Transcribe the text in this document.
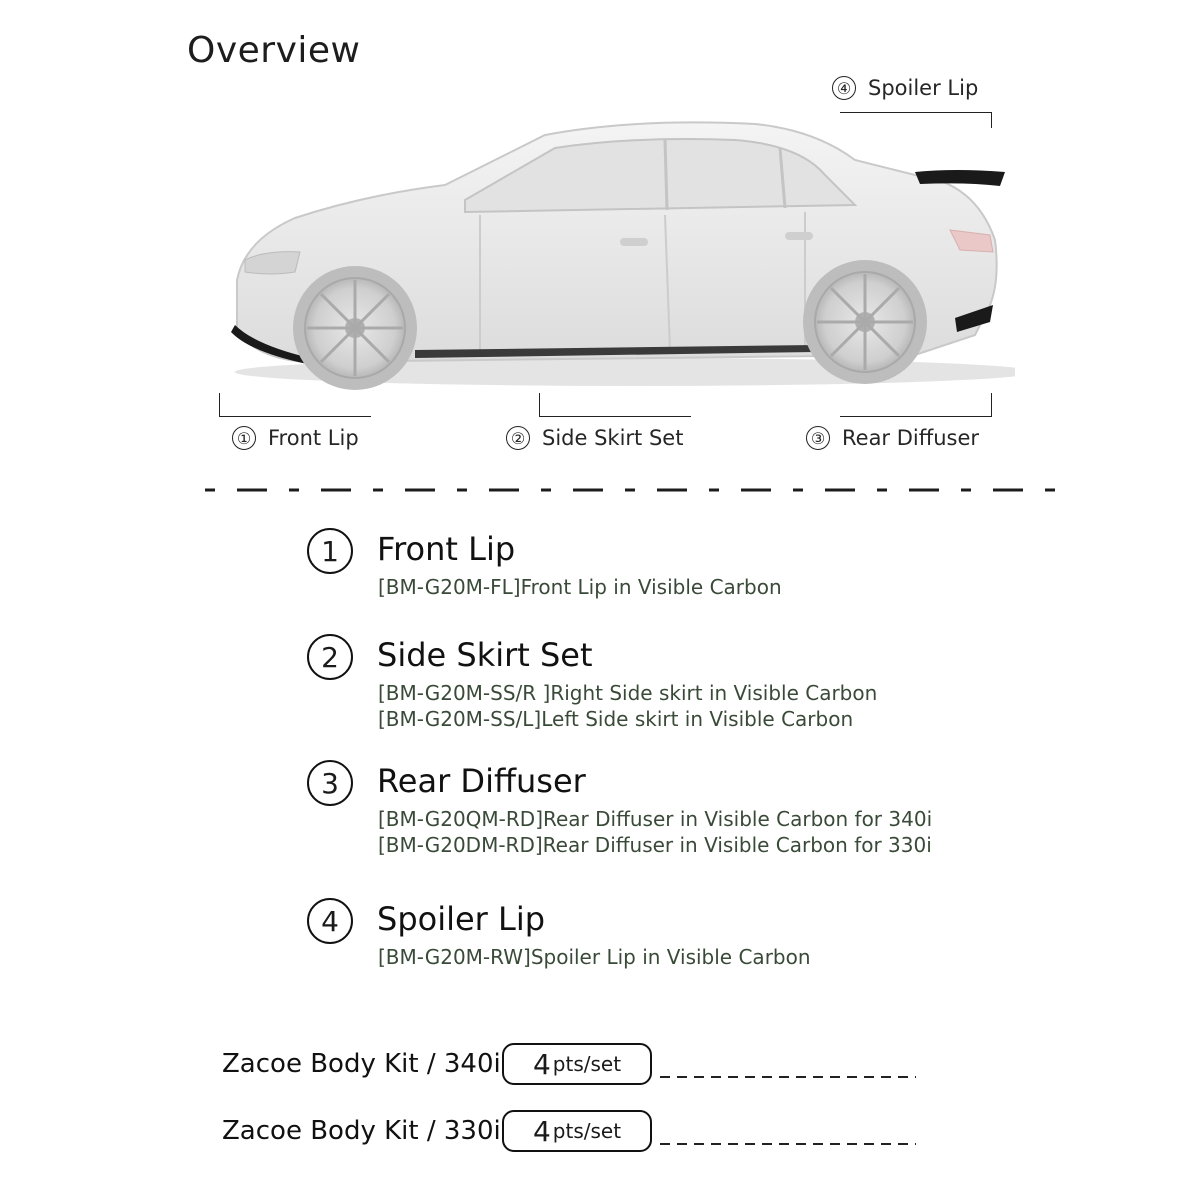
Overview
④ Spoiler Lip
① Front Lip	② Side Skirt Set	③ Rear Diffuser
1	Front Lip
[BM-G20M-FL]Front Lip in Visible Carbon
2	Side Skirt Set
[BM-G20M-SS/R ]Right Side skirt in Visible Carbon
[BM-G20M-SS/L]Left Side skirt in Visible Carbon
3	Rear Diffuser
[BM-G20QM-RD]Rear Diffuser in Visible Carbon for 340i
[BM-G20DM-RD]Rear Diffuser in Visible Carbon for 330i
4	Spoiler Lip
[BM-G20M-RW]Spoiler Lip in Visible Carbon
Zacoe Body Kit / 340i 4 pts/set
Zacoe Body Kit / 330i 4 pts/set
